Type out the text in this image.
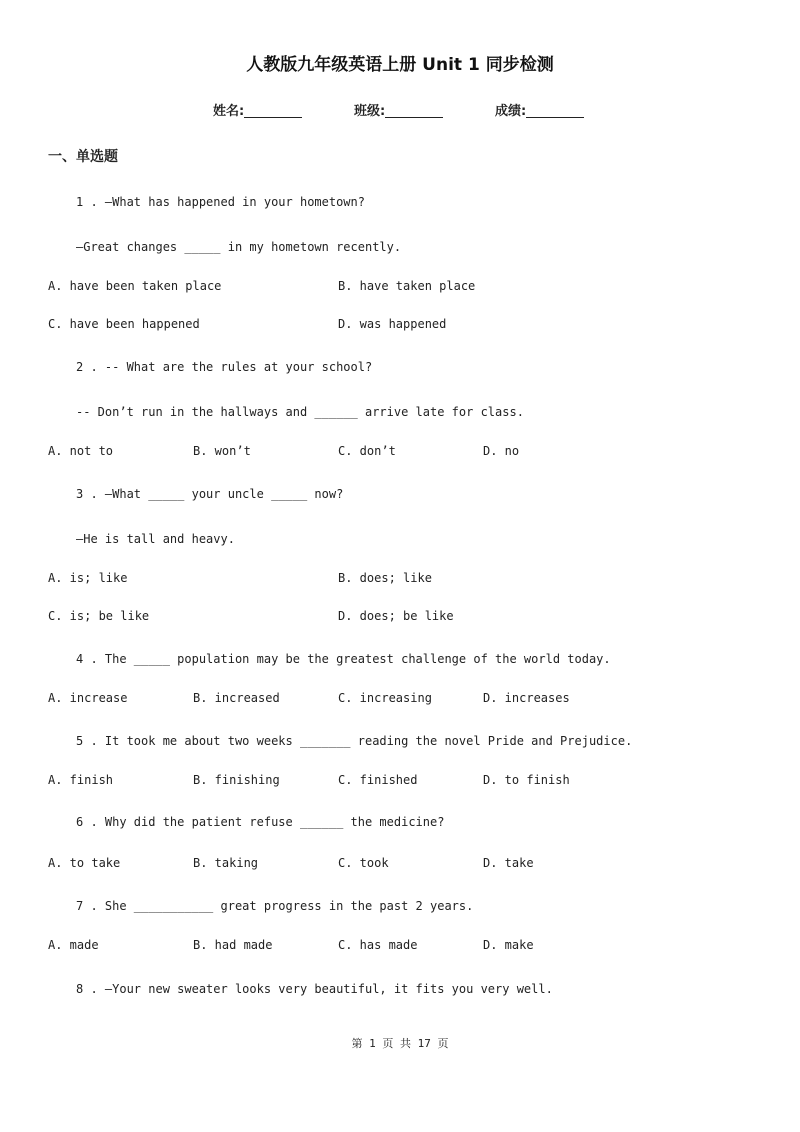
人教版九年级英语上册 Unit 1 同步检测
姓名:	班级:	成绩:
一、单选题
1 . —What has happened in your hometown?
—Great changes _____ in my hometown recently.
A. have been taken place	B. have taken place
C. have been happened	D. was happened
2 . -- What are the rules at your school?
-- Don’t run in the hallways and ______ arrive late for class.
A. not to	B. won’t	C. don’t	D. no
3 . —What _____ your uncle _____ now?
—He is tall and heavy.
A. is; like	B. does; like
C. is; be like	D. does; be like
4 . The _____ population may be the greatest challenge of the world today.
A. increase	B. increased	C. increasing	D. increases
5 . It took me about two weeks _______ reading the novel Pride and Prejudice.
A. finish	B. finishing	C. finished	D. to finish
6 . Why did the patient refuse ______ the medicine?
A. to take	B. taking	C. took	D. take
7 . She ___________ great progress in the past 2 years.
A. made	B. had made	C. has made	D. make
8 . —Your new sweater looks very beautiful, it fits you very well.
第 1 页 共 17 页
